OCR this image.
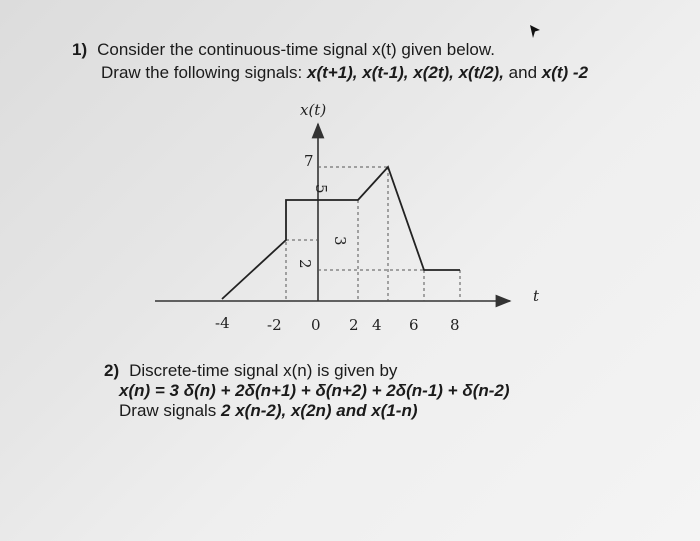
1) Consider the continuous-time signal x(t) given below.
Draw the following signals: x(t+1), x(t-1), x(2t), x(t/2), and x(t) -2
x(t)
t
7
5
3
2
-4 -2 0 2 4 6 8
2) Discrete-time signal x(n) is given by
x(n) = 3 δ(n) + 2δ(n+1) + δ(n+2) + 2δ(n-1) + δ(n-2)
Draw signals 2 x(n-2), x(2n) and x(1-n)
